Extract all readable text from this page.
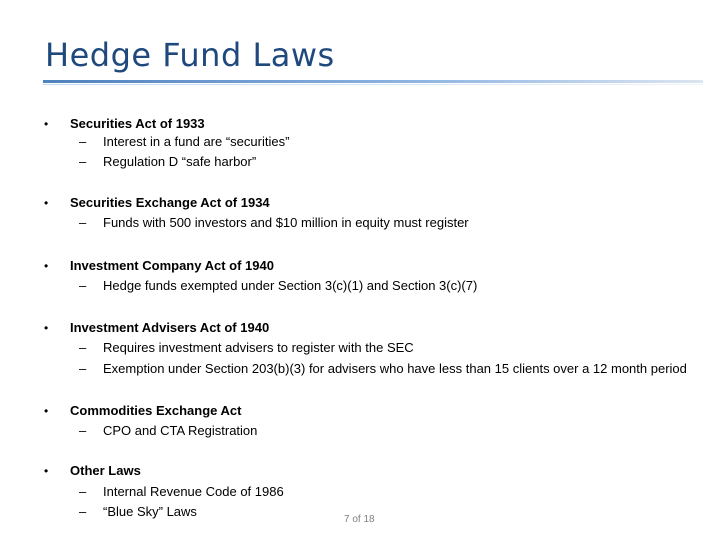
Hedge Fund Laws
• Securities Act of 1933
– Interest in a fund are “securities”
– Regulation D “safe harbor”
• Securities Exchange Act of 1934
– Funds with 500 investors and $10 million in equity must register
• Investment Company Act of 1940
– Hedge funds exempted under Section 3(c)(1) and Section 3(c)(7)
• Investment Advisers Act of 1940
– Requires investment advisers to register with the SEC
– Exemption under Section 203(b)(3) for advisers who have less than 15 clients over a 12 month period
• Commodities Exchange Act
– CPO and CTA Registration
• Other Laws
– Internal Revenue Code of 1986
– “Blue Sky” Laws
7 of 18
